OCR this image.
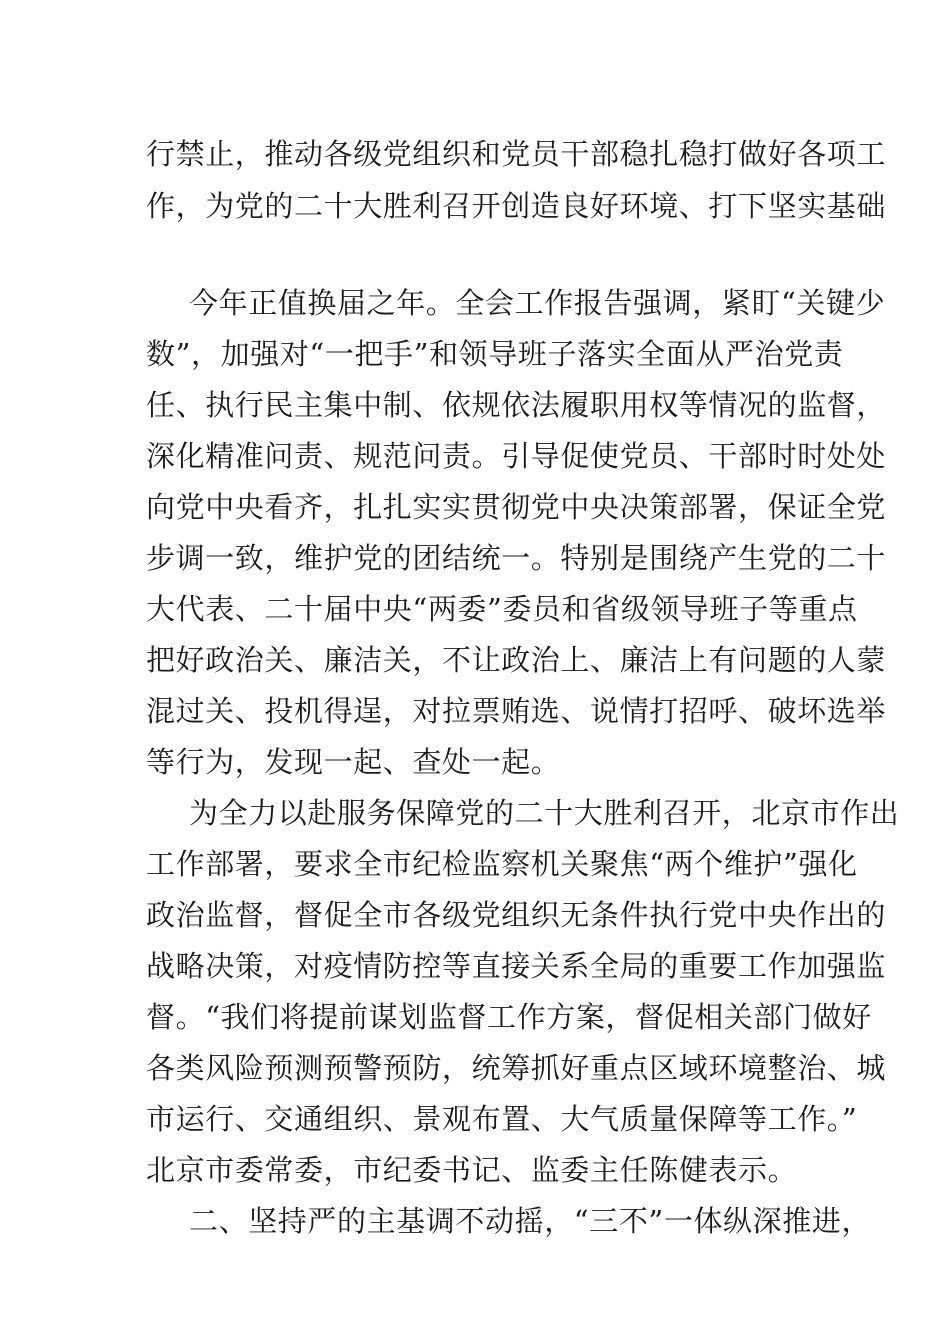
行禁止，推动各级党组织和党员干部稳扎稳打做好各项工

作，为党的二十大胜利召开创造良好环境、打下坚实基础

今年正值换届之年。全会工作报告强调，紧盯“关键少

数”，加强对“一把手”和领导班子落实全面从严治党责

任、执行民主集中制、依规依法履职用权等情况的监督，

深化精准问责、规范问责。引导促使党员、干部时时处处

向党中央看齐，扎扎实实贯彻党中央决策部署，保证全党

步调一致，维护党的团结统一。特别是围绕产生党的二十

大代表、二十届中央“两委”委员和省级领导班子等重点

把好政治关、廉洁关，不让政治上、廉洁上有问题的人蒙

混过关、投机得逞，对拉票贿选、说情打招呼、破坏选举

等行为，发现一起、查处一起。

为全力以赴服务保障党的二十大胜利召开，北京市作出

工作部署，要求全市纪检监察机关聚焦“两个维护”强化

政治监督，督促全市各级党组织无条件执行党中央作出的

战略决策，对疫情防控等直接关系全局的重要工作加强监

督。“我们将提前谋划监督工作方案，督促相关部门做好

各类风险预测预警预防，统筹抓好重点区域环境整治、城

市运行、交通组织、景观布置、大气质量保障等工作。”

北京市委常委，市纪委书记、监委主任陈健表示。

二、坚持严的主基调不动摇，“三不”一体纵深推进，
